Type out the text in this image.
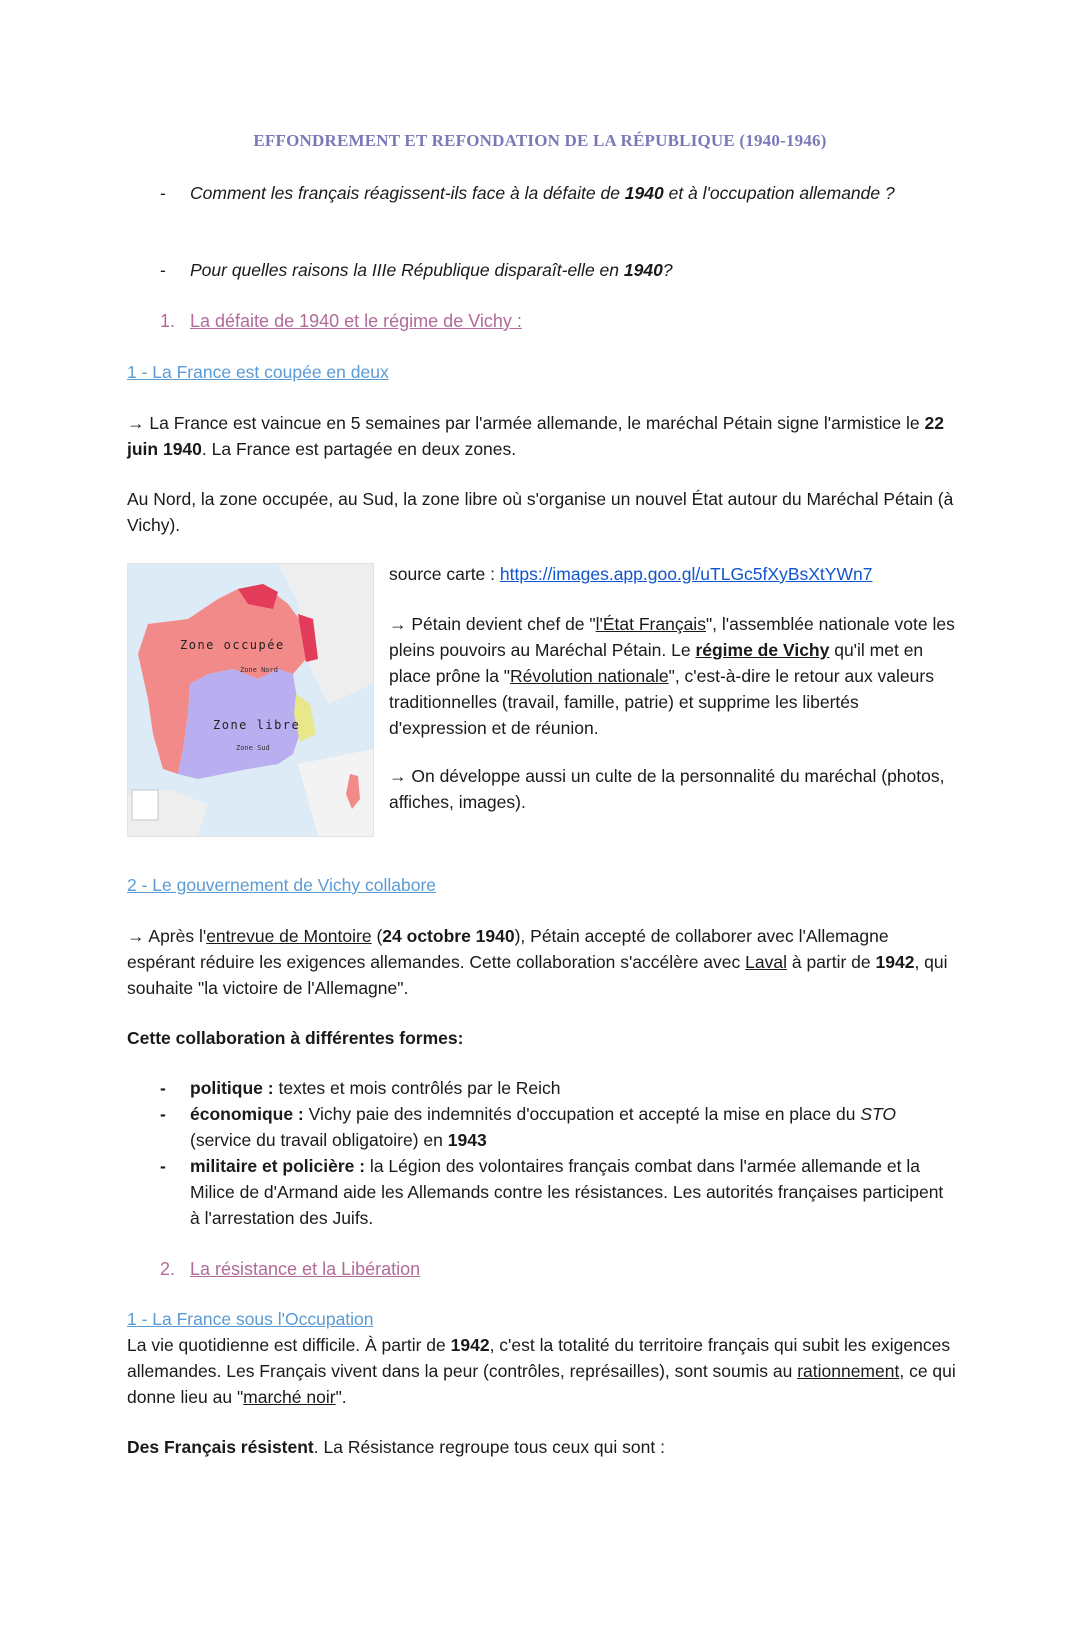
EFFONDREMENT ET REFONDATION DE LA RÉPUBLIQUE (1940-1946)
- Comment les français réagissent-ils face à la défaite de 1940 et à l'occupation allemande ?
- Pour quelles raisons la IIIe République disparaît-elle en 1940?
1. La défaite de 1940 et le régime de Vichy :
1 - La France est coupée en deux
→ La France est vaincue en 5 semaines par l'armée allemande, le maréchal Pétain signe l'armistice le 22 juin 1940. La France est partagée en deux zones.
Au Nord, la zone occupée, au Sud, la zone libre où s'organise un nouvel État autour du Maréchal Pétain (à Vichy).
Zone occupée
Zone Nord
Zone libre
Zone Sud
source carte : https://images.app.goo.gl/uTLGc5fXyBsXtYWn7
→ Pétain devient chef de "l'État Français", l'assemblée nationale vote les pleins pouvoirs au Maréchal Pétain. Le régime de Vichy qu'il met en place prône la "Révolution nationale", c'est-à-dire le retour aux valeurs traditionnelles (travail, famille, patrie) et supprime les libertés d'expression et de réunion.
→ On développe aussi un culte de la personnalité du maréchal (photos, affiches, images).
2 - Le gouvernement de Vichy collabore
→ Après l'entrevue de Montoire (24 octobre 1940), Pétain accepté de collaborer avec l'Allemagne espérant réduire les exigences allemandes. Cette collaboration s'accélère avec Laval à partir de 1942, qui souhaite "la victoire de l'Allemagne".
Cette collaboration à différentes formes:
- politique : textes et mois contrôlés par le Reich
- économique : Vichy paie des indemnités d'occupation et accepté la mise en place du STO (service du travail obligatoire) en 1943
- militaire et policière : la Légion des volontaires français combat dans l'armée allemande et la Milice de d'Armand aide les Allemands contre les résistances. Les autorités françaises participent à l'arrestation des Juifs.
2. La résistance et la Libération
1 - La France sous l'Occupation
La vie quotidienne est difficile. À partir de 1942, c'est la totalité du territoire français qui subit les exigences allemandes. Les Français vivent dans la peur (contrôles, représailles), sont soumis au rationnement, ce qui donne lieu au "marché noir".
Des Français résistent. La Résistance regroupe tous ceux qui sont :
